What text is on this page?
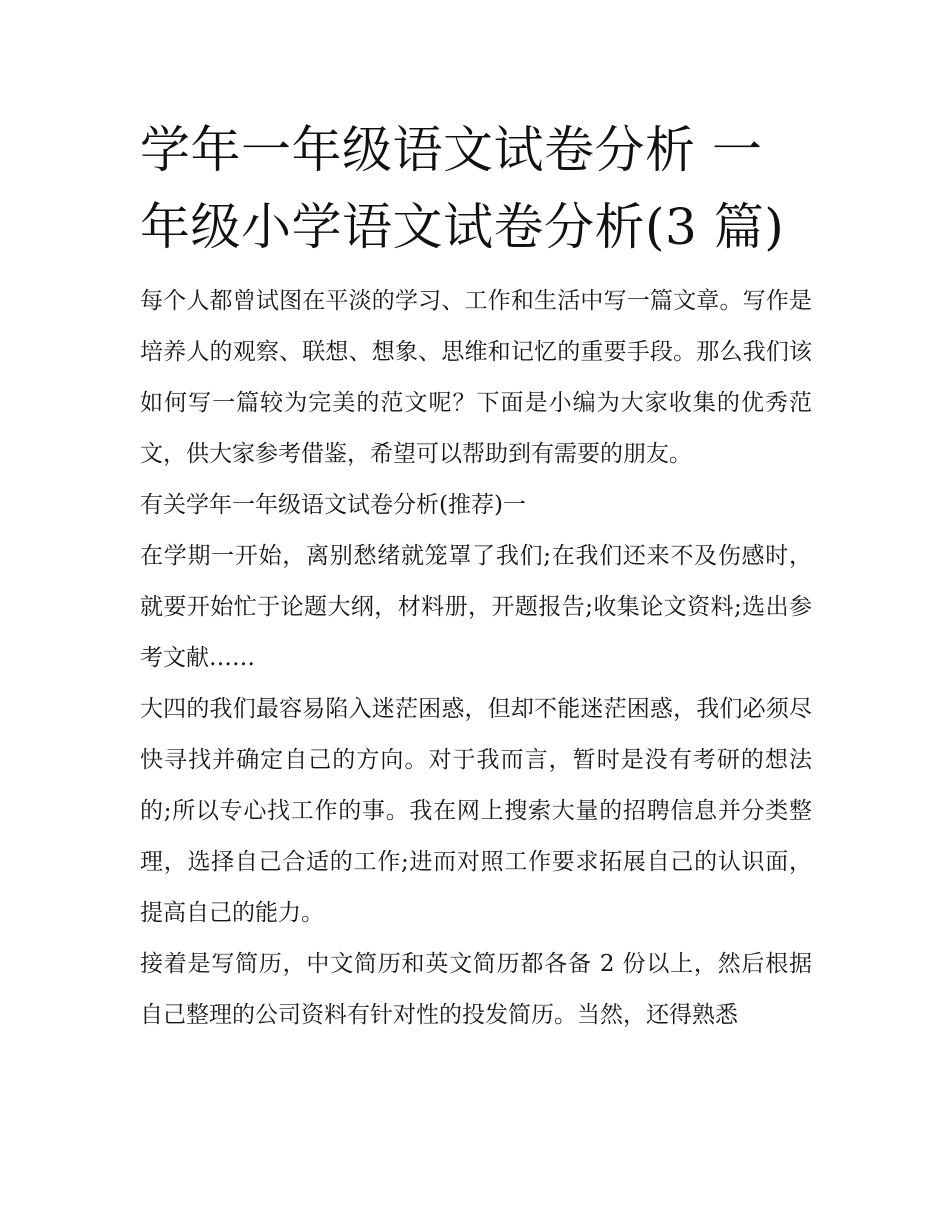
学年一年级语文试卷分析 一年级小学语文试卷分析(3 篇)

每个人都曾试图在平淡的学习、工作和生活中写一篇文章。写作是培养人的观察、联想、想象、思维和记忆的重要手段。那么我们该如何写一篇较为完美的范文呢？下面是小编为大家收集的优秀范文，供大家参考借鉴，希望可以帮助到有需要的朋友。

有关学年一年级语文试卷分析(推荐)一

在学期一开始，离别愁绪就笼罩了我们;在我们还来不及伤感时，就要开始忙于论题大纲，材料册，开题报告;收集论文资料;选出参考文献……

大四的我们最容易陷入迷茫困惑，但却不能迷茫困惑，我们必须尽快寻找并确定自己的方向。对于我而言，暂时是没有考研的想法的;所以专心找工作的事。我在网上搜索大量的招聘信息并分类整理，选择自己合适的工作;进而对照工作要求拓展自己的认识面，提高自己的能力。

接着是写简历，中文简历和英文简历都各备 2 份以上，然后根据自己整理的公司资料有针对性的投发简历。当然，还得熟悉
